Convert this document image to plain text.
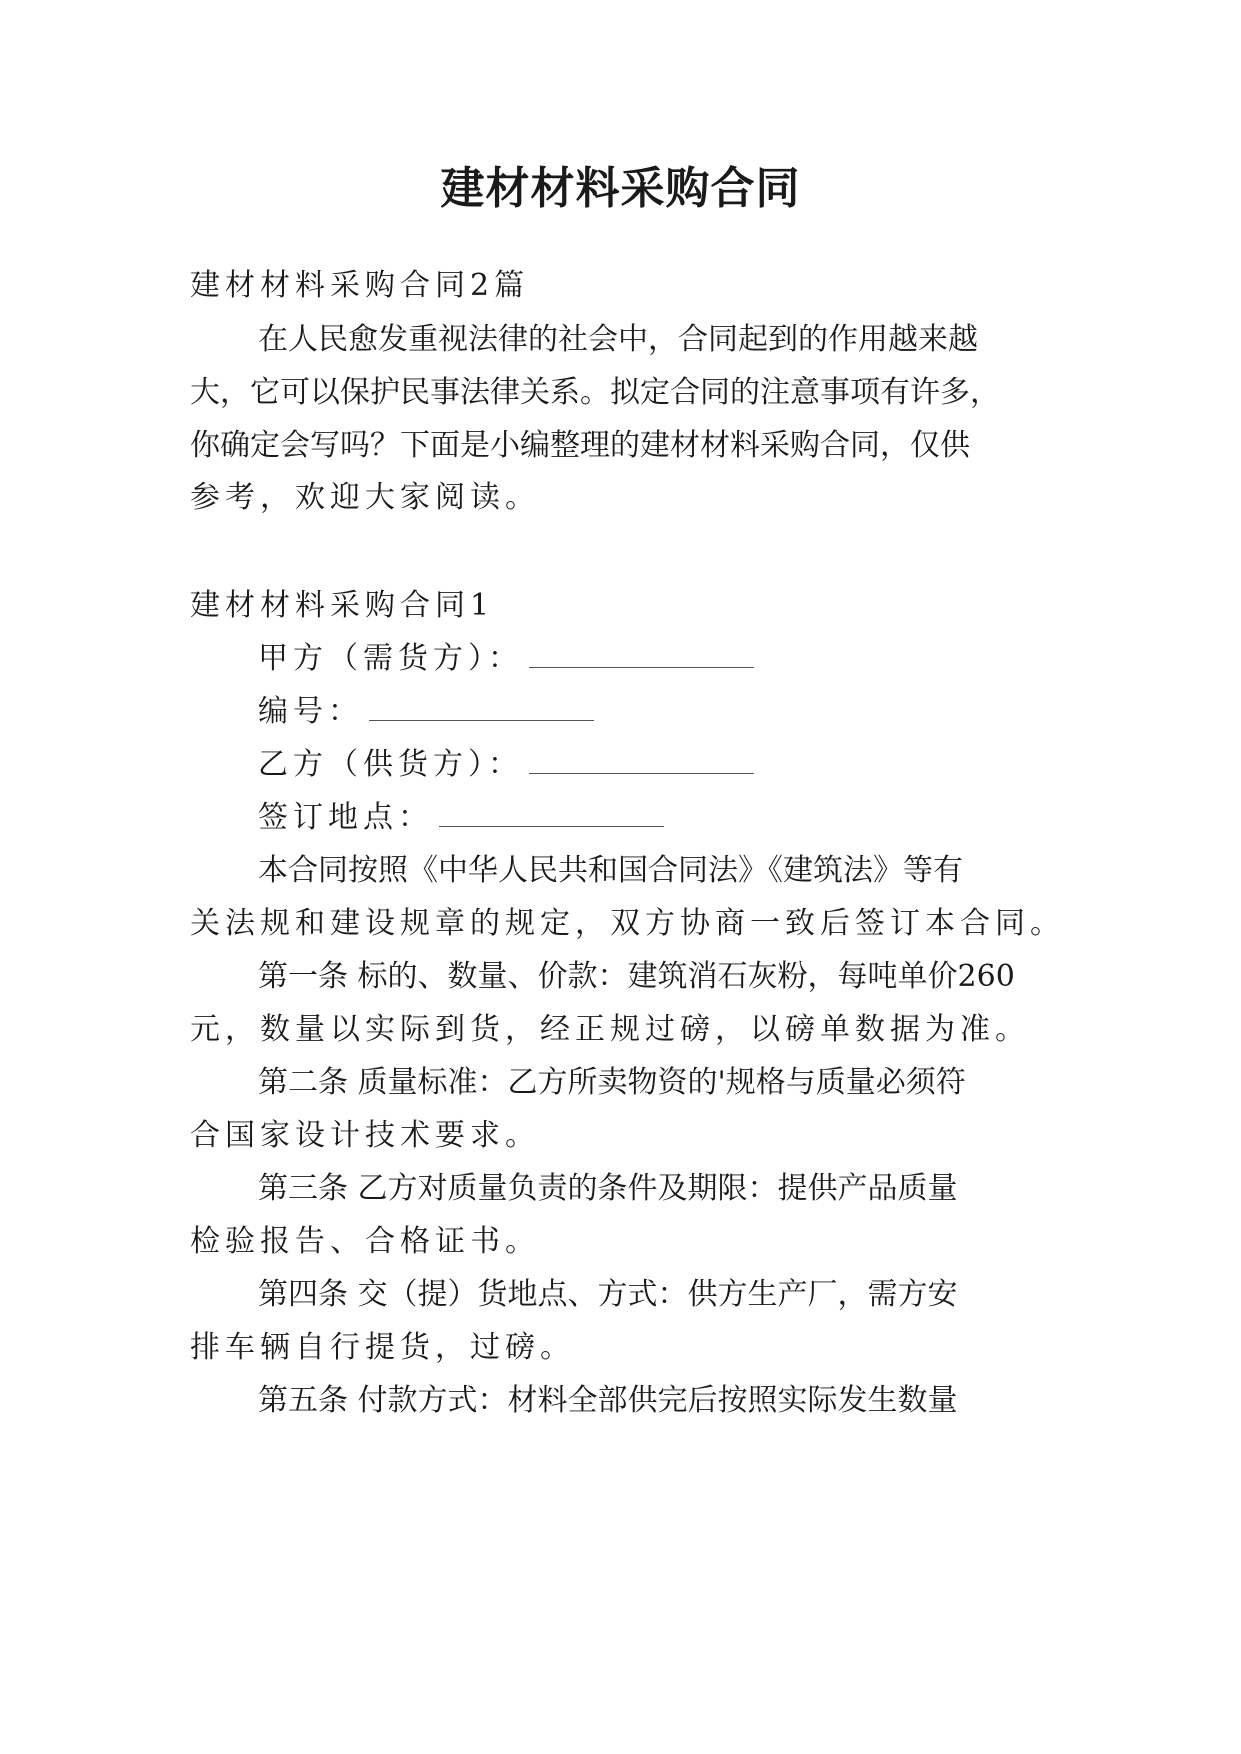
建材材料采购合同
建材材料采购合同2篇
在人民愈发重视法律的社会中，合同起到的作用越来越
大，它可以保护民事法律关系。拟定合同的注意事项有许多，
你确定会写吗？下面是小编整理的建材材料采购合同，仅供
参考，欢迎大家阅读。
建材材料采购合同1
甲方（需货方）：
编号：
乙方（供货方）：
签订地点：
本合同按照《中华人民共和国合同法》《建筑法》等有
关法规和建设规章的规定，双方协商一致后签订本合同。
第一条 标的、数量、价款：建筑消石灰粉，每吨单价260
元，数量以实际到货，经正规过磅，以磅单数据为准。
第二条 质量标准：乙方所卖物资的'规格与质量必须符
合国家设计技术要求。
第三条 乙方对质量负责的条件及期限：提供产品质量
检验报告、合格证书。
第四条 交（提）货地点、方式：供方生产厂，需方安
排车辆自行提货，过磅。
第五条 付款方式：材料全部供完后按照实际发生数量
